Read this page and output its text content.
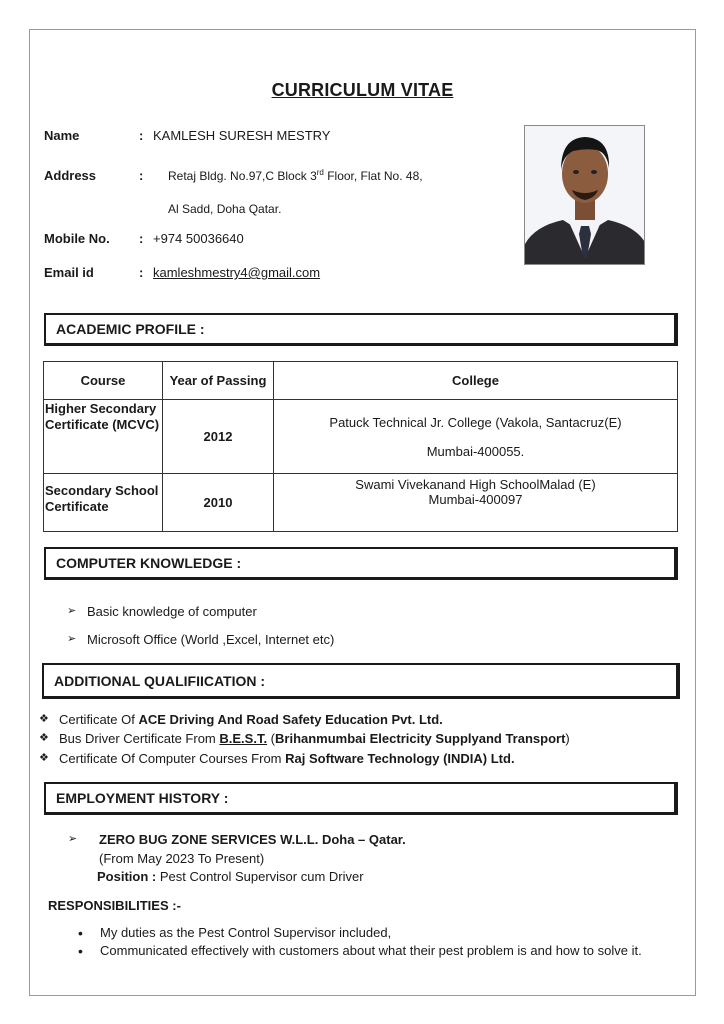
CURRICULUM VITAE
Name	: KAMLESH SURESH MESTRY
Address	: Retaj Bldg. No.97,C Block 3rd Floor, Flat No. 48,
Al Sadd, Doha Qatar.
Mobile No.	: +974 50036640
Email id	: kamleshmestry4@gmail.com
ACADEMIC PROFILE :
Course	Year of Passing	College
Higher Secondary Certificate (MCVC)	2012	Patuck Technical Jr. College (Vakola, Santacruz(E)
Mumbai-400055.

Secondary School Certificate	2010	Swami Vivekanand High SchoolMalad (E)
Mumbai-400097
COMPUTER KNOWLEDGE :
➢ Basic knowledge of computer
➢ Microsoft Office (World ,Excel, Internet etc)
ADDITIONAL QUALIFIICATION :
❖ Certificate Of ACE Driving And Road Safety Education Pvt. Ltd.
❖ Bus Driver Certificate From B.E.S.T. (Brihanmumbai Electricity Supplyand Transport)
❖ Certificate Of Computer Courses From Raj Software Technology (INDIA) Ltd.
EMPLOYMENT HISTORY :
➢ ZERO BUG ZONE SERVICES W.L.L. Doha – Qatar.
(From May 2023 To Present)
Position : Pest Control Supervisor cum Driver
RESPONSIBILITIES :-
• My duties as the Pest Control Supervisor included,
• Communicated effectively with customers about what their pest problem is and how to solve it.
